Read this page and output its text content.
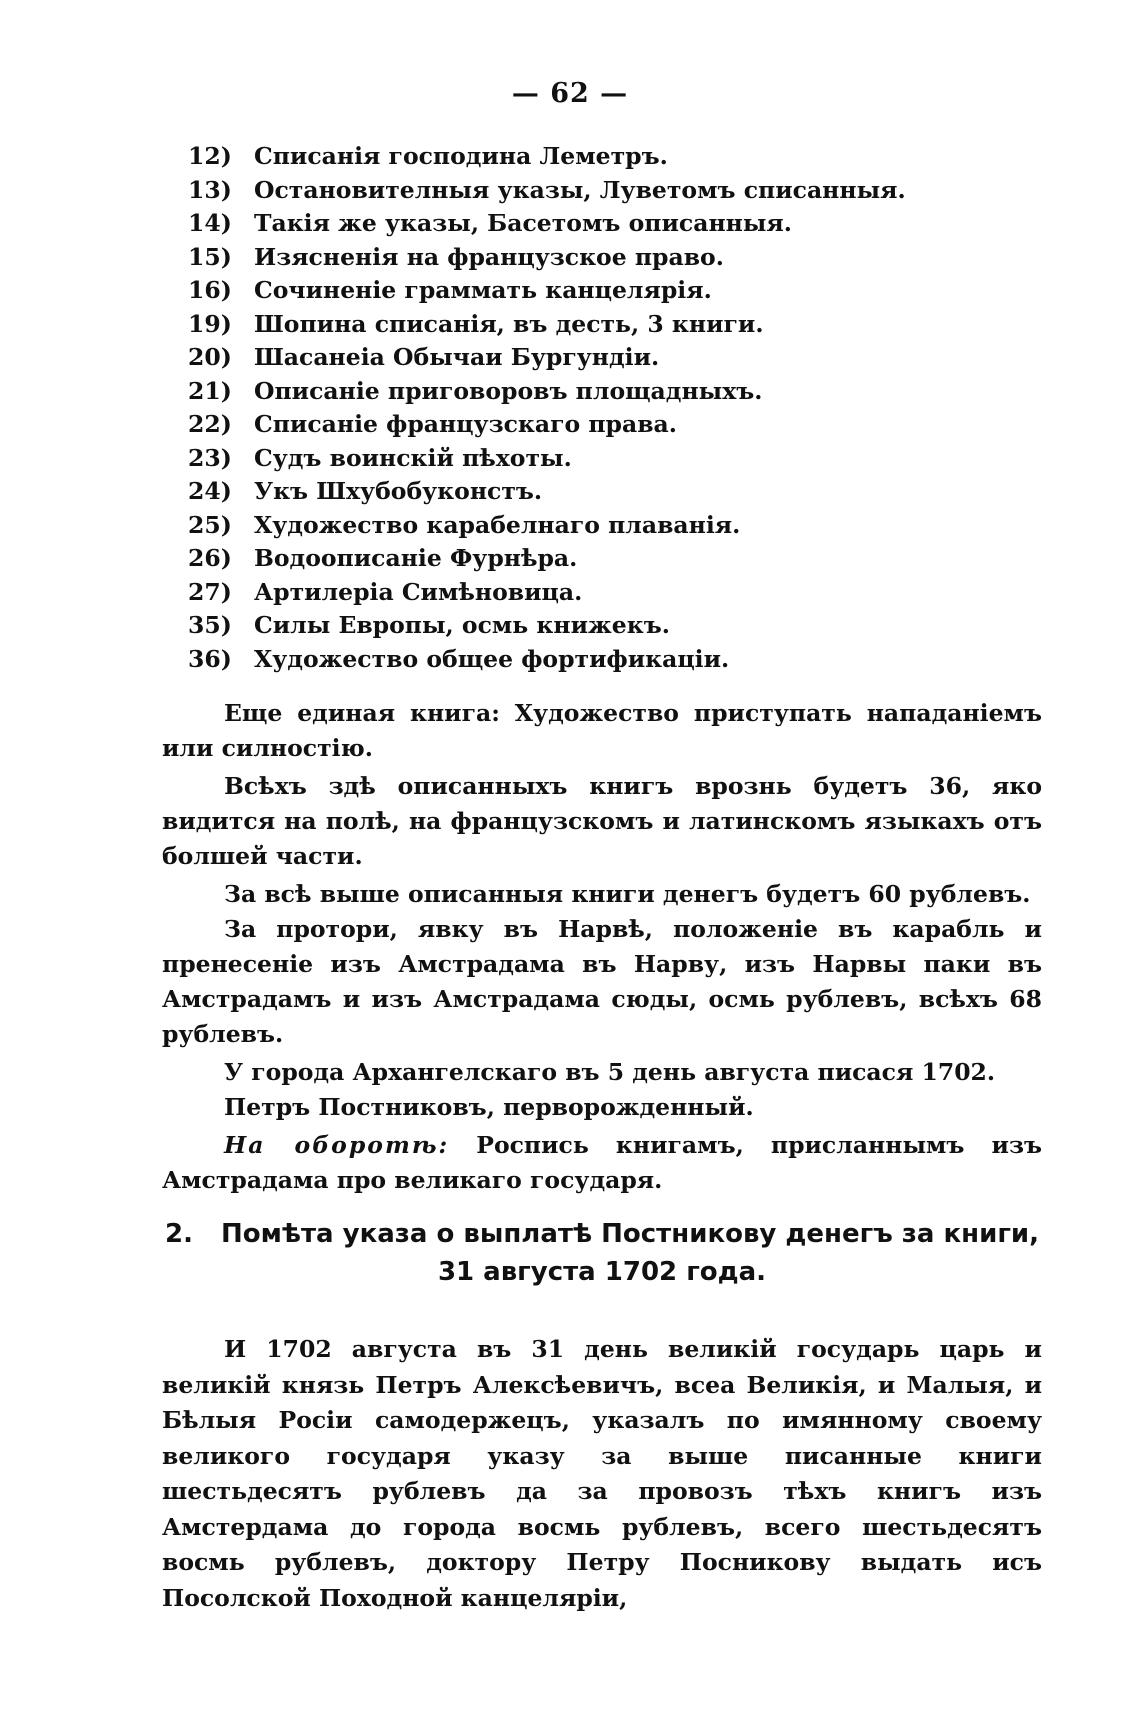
— 62 —
12) Списанія господина Леметръ.
13) Остановителныя указы, Луветомъ списанныя.
14) Такія же указы, Басетомъ описанныя.
15) Изясненія на французское право.
16) Сочиненіе граммать канцелярія.
19) Шопина списанія, въ десть, 3 книги.
20) Шасанеіа Обычаи Бургундіи.
21) Описаніе приговоровъ площадныхъ.
22) Списаніе французскаго права.
23) Судъ воинскій пѣхоты.
24) Укъ Шхубобуконстъ.
25) Художество карабелнаго плаванія.
26) Водоописаніе Фурнѣра.
27) Артилеріа Симѣновица.
35) Силы Европы, осмь книжекъ.
36) Художество общее фортификаціи.

Еще единая книга: Художество приступать нападаніемъ или силностію.

Всѣхъ здѣ описанныхъ книгъ врознь будетъ 36, яко видится на полѣ, на французскомъ и латинскомъ языкахъ отъ болшей части.

За всѣ выше описанныя книги денегъ будетъ 60 рублевъ.

За протори, явку въ Нарвѣ, положеніе въ карабль и пренесеніе изъ Амстрадама въ Нарву, изъ Нарвы паки въ Амстрадамъ и изъ Амстрадама сюды, осмь рублевъ, всѣхъ 68 рублевъ.

У города Архангелскаго въ 5 день августа писася 1702.

Петръ Постниковъ, перворожденный.

На оборотѣ: Роспись книгамъ, присланнымъ изъ Амстрадама про великаго государя.

2. Помѣта указа о выплатѣ Постникову денегъ за книги,
31 августа 1702 года.

И 1702 августа въ 31 день великій государь царь и великій князь Петръ Алексѣевичъ, всеа Великія, и Малыя, и Бѣлыя Росіи самодержецъ, указалъ по имянному своему великого государя указу за выше писанные книги шестьдесятъ рублевъ да за провозъ тѣхъ книгъ изъ Амстердама до города восмь рублевъ, всего шестьдесятъ восмь рублевъ, доктору Петру Посникову выдать исъ Посолской Походной канцеляріи,
